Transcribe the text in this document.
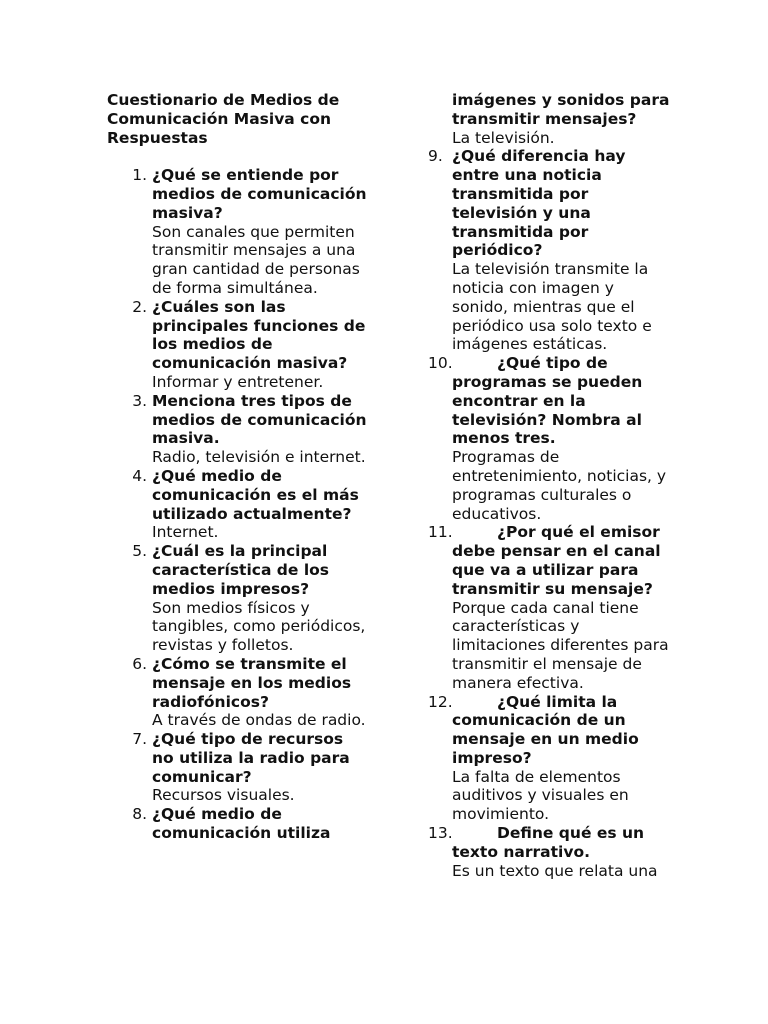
Cuestionario de Medios de Comunicación Masiva con Respuestas
1. ¿Qué se entiende por medios de comunicación masiva?
Son canales que permiten transmitir mensajes a una gran cantidad de personas de forma simultánea.
2. ¿Cuáles son las principales funciones de los medios de comunicación masiva?
Informar y entretener.
3. Menciona tres tipos de medios de comunicación masiva.
Radio, televisión e internet.
4. ¿Qué medio de comunicación es el más utilizado actualmente?
Internet.
5. ¿Cuál es la principal característica de los medios impresos?
Son medios físicos y tangibles, como periódicos, revistas y folletos.
6. ¿Cómo se transmite el mensaje en los medios radiofónicos?
A través de ondas de radio.
7. ¿Qué tipo de recursos no utiliza la radio para comunicar?
Recursos visuales.
8. ¿Qué medio de comunicación utiliza
imágenes y sonidos para transmitir mensajes?
La televisión.
9. ¿Qué diferencia hay entre una noticia transmitida por televisión y una transmitida por periódico?
La televisión transmite la noticia con imagen y sonido, mientras que el periódico usa solo texto e imágenes estáticas.
10.	¿Qué tipo de programas se pueden encontrar en la televisión? Nombra al menos tres.
Programas de entretenimiento, noticias, y programas culturales o educativos.
11.	¿Por qué el emisor debe pensar en el canal que va a utilizar para transmitir su mensaje?
Porque cada canal tiene características y limitaciones diferentes para transmitir el mensaje de manera efectiva.
12.	¿Qué limita la comunicación de un mensaje en un medio impreso?
La falta de elementos auditivos y visuales en movimiento.
13.	Define qué es un texto narrativo.
Es un texto que relata una
